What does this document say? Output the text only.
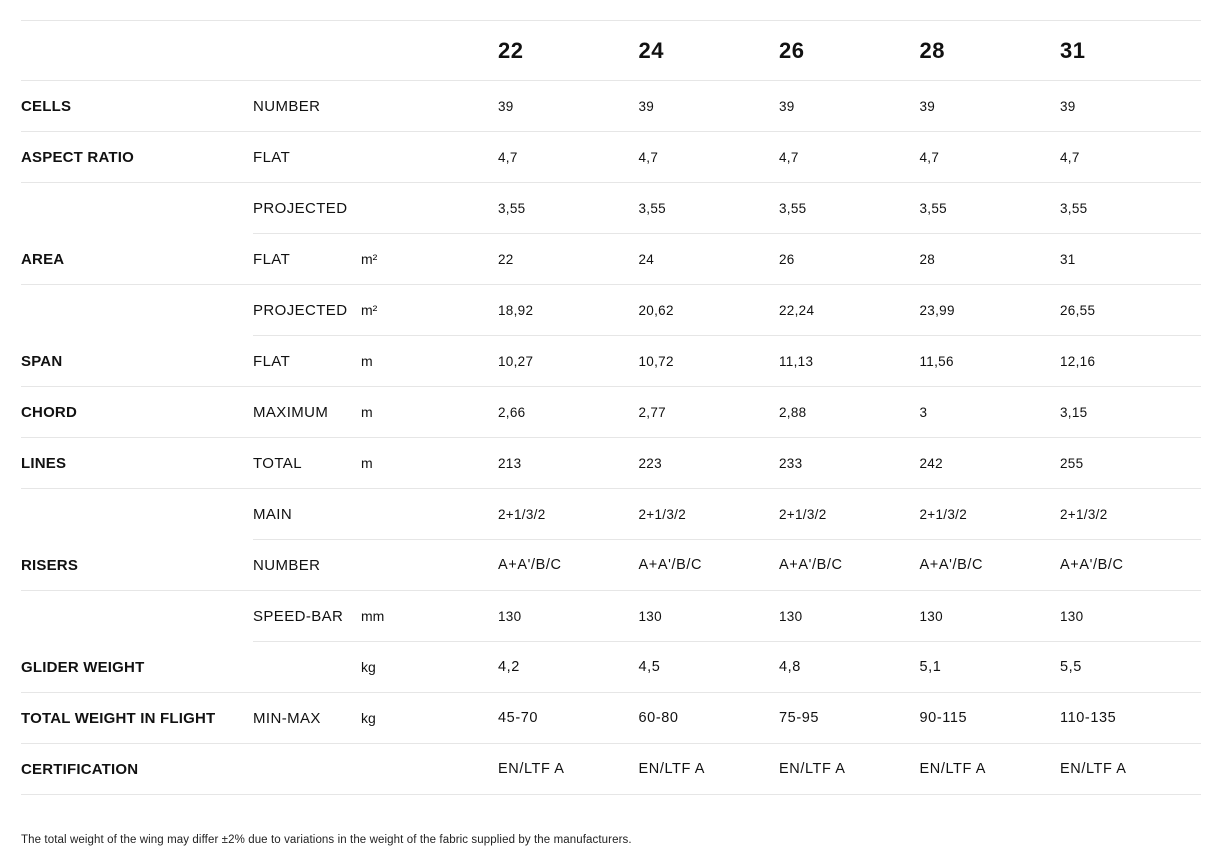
22	24	26	28	31
CELLS	NUMBER	39	39	39	39	39
ASPECT RATIO	FLAT	4,7	4,7	4,7	4,7	4,7
PROJECTED	3,55	3,55	3,55	3,55	3,55
AREA	FLAT	m²	22	24	26	28	31
PROJECTED m²	18,92	20,62	22,24	23,99	26,55
SPAN	FLAT	m	10,27	10,72	11,13	11,56	12,16
CHORD	MAXIMUM	m	2,66	2,77	2,88	3	3,15
LINES	TOTAL	m	213	223	233	242	255
MAIN	2+1/3/2	2+1/3/2	2+1/3/2	2+1/3/2	2+1/3/2
RISERS	NUMBER	A+A'/B/C	A+A'/B/C	A+A'/B/C	A+A'/B/C	A+A'/B/C
SPEED-BAR	mm	130	130	130	130	130
GLIDER WEIGHT	kg	4,2	4,5	4,8	5,1	5,5
TOTAL WEIGHT IN FLIGHT	MIN-MAX	kg	45-70	60-80	75-95	90-115	110-135
CERTIFICATION	EN/LTF A	EN/LTF A	EN/LTF A	EN/LTF A	EN/LTF A
The total weight of the wing may differ ±2% due to variations in the weight of the fabric supplied by the manufacturers.
